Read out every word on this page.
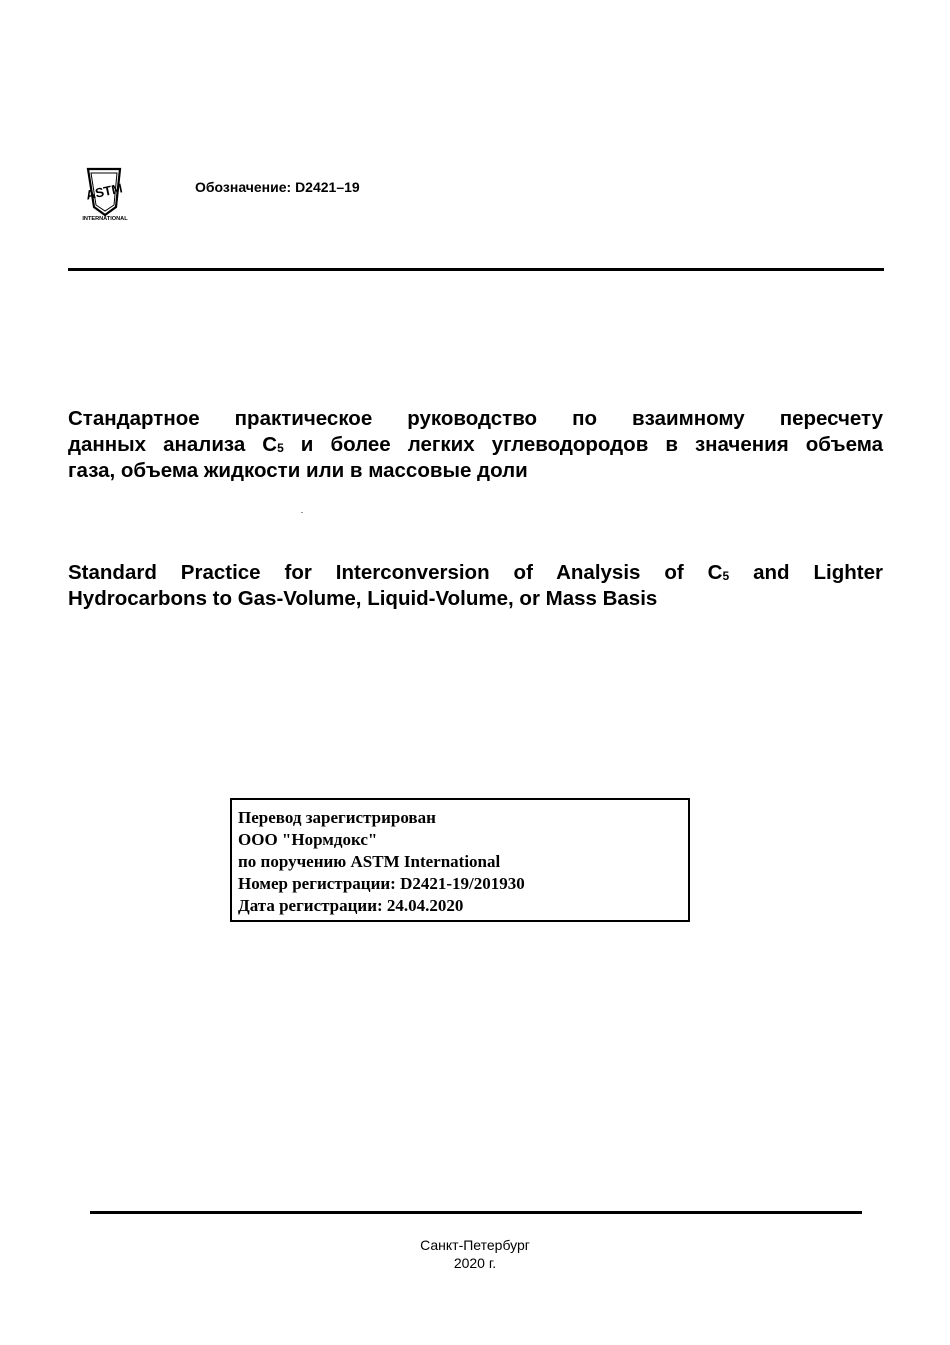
ASTM
INTERNATIONAL
Обозначение: D2421–19
Стандартное практическое руководство по взаимному пересчету
данных анализа $C_5$ и более легких углеводородов в значения объема
газа, объема жидкости или в массовые доли
Standard Practice for Interconversion of Analysis of $C_5$ and Lighter
Hydrocarbons to Gas-Volume, Liquid-Volume, or Mass Basis
Перевод зарегистрирован
ООО "Нормдокс"
по поручению ASTM International
Номер регистрации: D2421-19/201930
Дата регистрации: 24.04.2020
Санкт-Петербург
2020 г.
